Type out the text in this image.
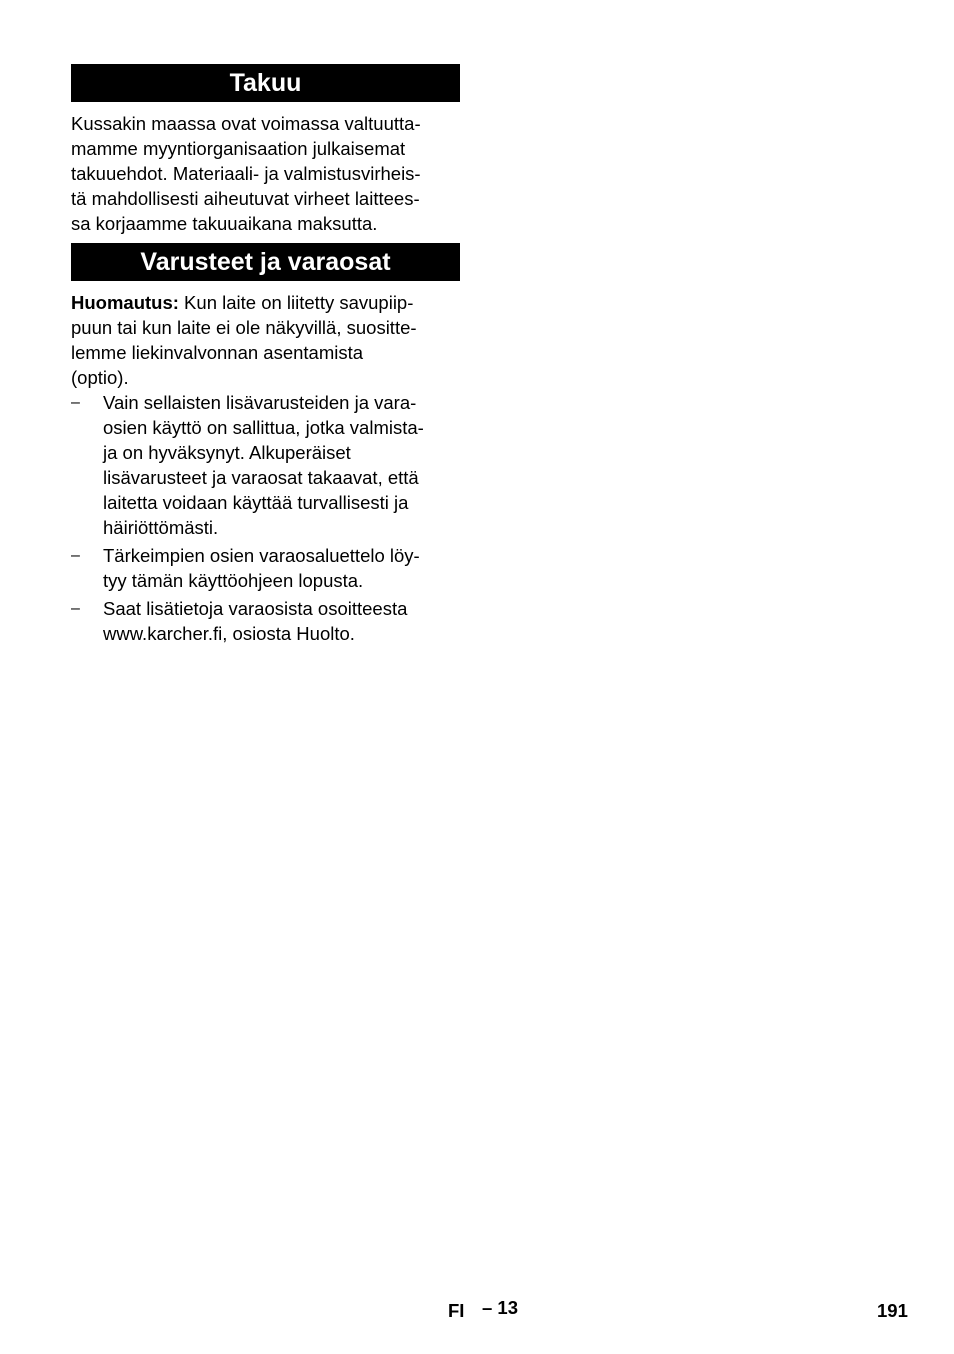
Takuu

Kussakin maassa ovat voimassa valtuutta-
mamme myyntiorganisaation julkaisemat
takuuehdot. Materiaali- ja valmistusvirheis-
tä mahdollisesti aiheutuvat virheet laittees-
sa korjaamme takuuaikana maksutta.

Varusteet ja varaosat

Huomautus: Kun laite on liitetty savupiip-
puun tai kun laite ei ole näkyvillä, suositte-
lemme liekinvalvonnan asentamista
(optio).

– Vain sellaisten lisävarusteiden ja vara-
osien käyttö on sallittua, jotka valmista-
ja on hyväksynyt. Alkuperäiset
lisävarusteet ja varaosat takaavat, että
laitetta voidaan käyttää turvallisesti ja
häiriöttömästi.
– Tärkeimpien osien varaosaluettelo löy-
tyy tämän käyttöohjeen lopusta.
– Saat lisätietoja varaosista osoitteesta
www.karcher.fi, osiosta Huolto.
FI – 13	191
